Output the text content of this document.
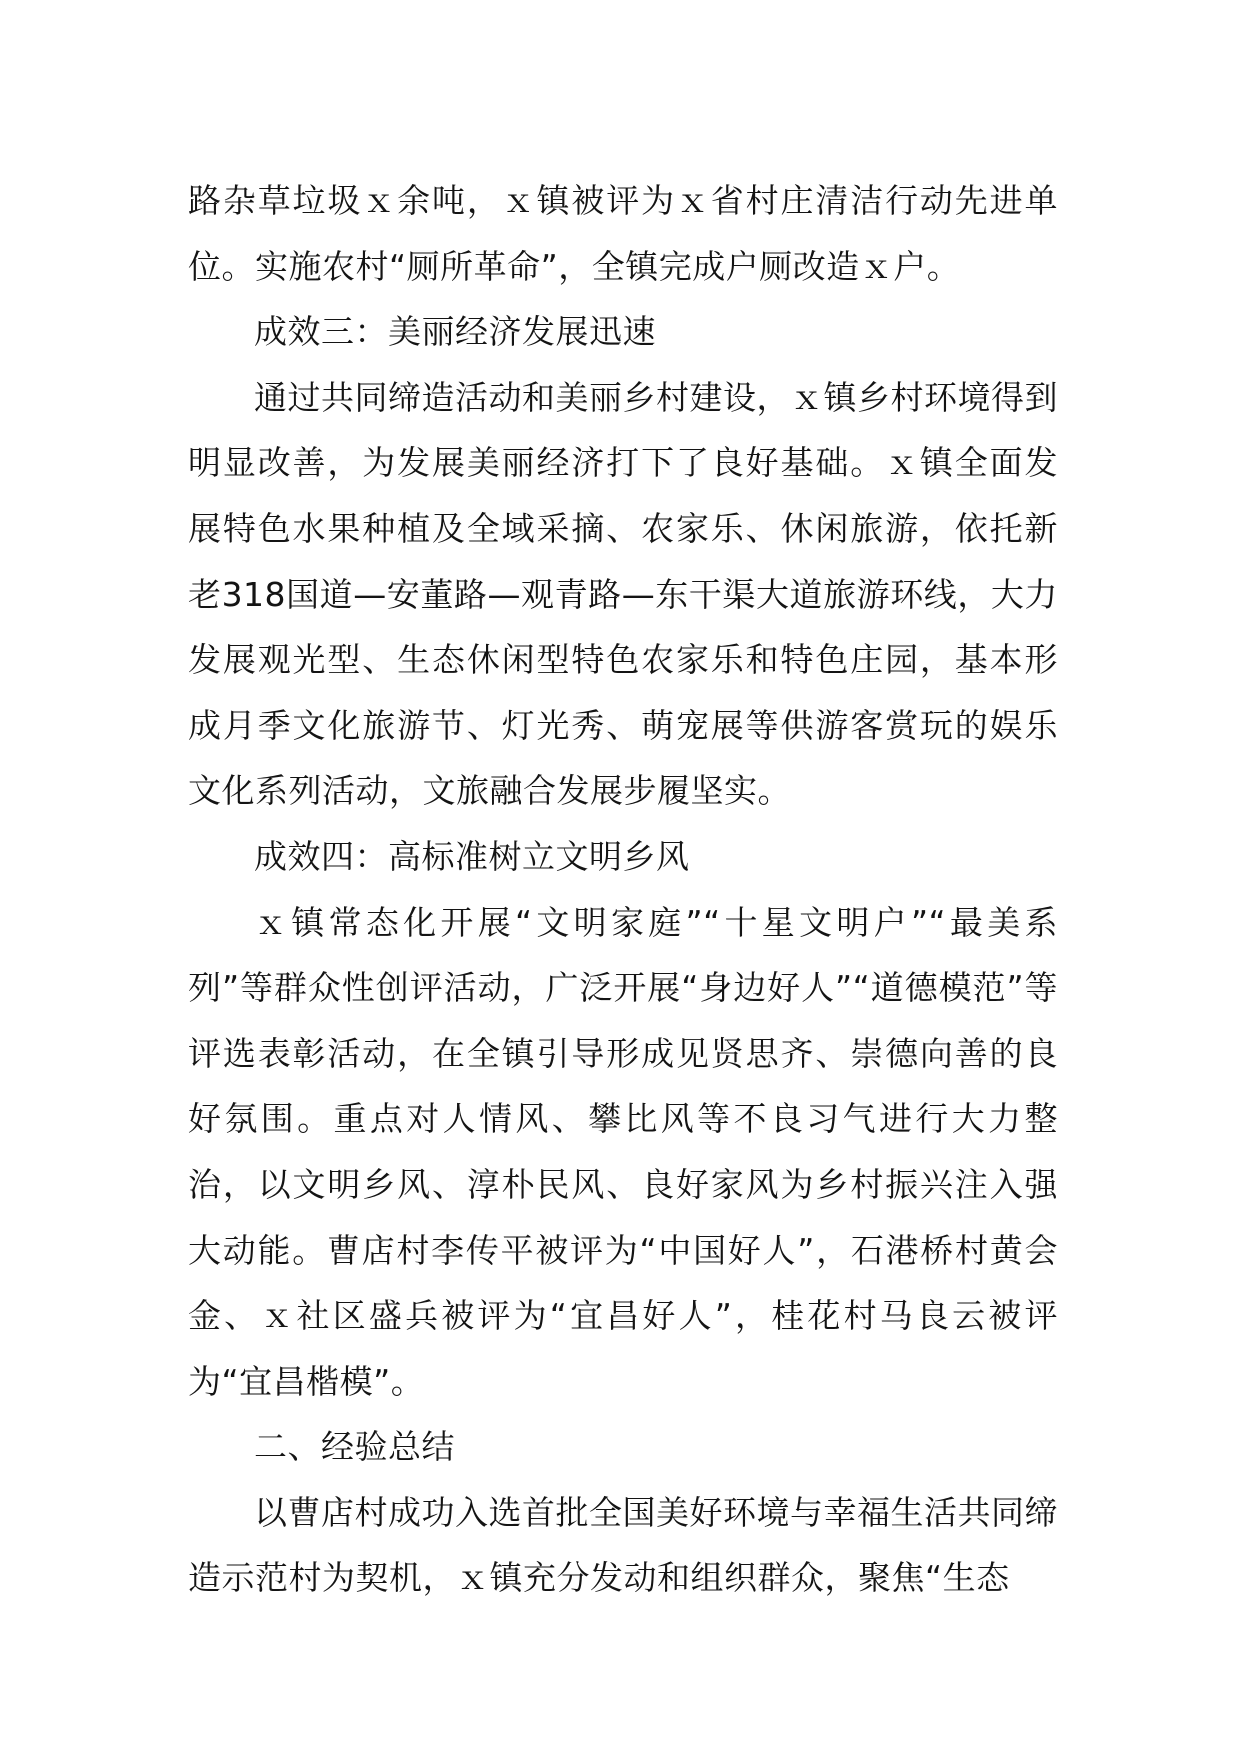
路杂草垃圾ｘ余吨，ｘ镇被评为ｘ省村庄清洁行动先进单位。实施农村“厕所革命”，全镇完成户厕改造ｘ户。

成效三：美丽经济发展迅速

通过共同缔造活动和美丽乡村建设，ｘ镇乡村环境得到明显改善，为发展美丽经济打下了良好基础。ｘ镇全面发展特色水果种植及全域采摘、农家乐、休闲旅游，依托新老318国道—安董路—观青路—东干渠大道旅游环线，大力发展观光型、生态休闲型特色农家乐和特色庄园，基本形成月季文化旅游节、灯光秀、萌宠展等供游客赏玩的娱乐文化系列活动，文旅融合发展步履坚实。

成效四：高标准树立文明乡风

ｘ镇常态化开展“文明家庭”“十星文明户”“最美系列”等群众性创评活动，广泛开展“身边好人”“道德模范”等评选表彰活动，在全镇引导形成见贤思齐、崇德向善的良好氛围。重点对人情风、攀比风等不良习气进行大力整治，以文明乡风、淳朴民风、良好家风为乡村振兴注入强大动能。曹店村李传平被评为“中国好人”，石港桥村黄会金、ｘ社区盛兵被评为“宜昌好人”，桂花村马良云被评为“宜昌楷模”。

二、经验总结

以曹店村成功入选首批全国美好环境与幸福生活共同缔造示范村为契机，ｘ镇充分发动和组织群众，聚焦“生态
